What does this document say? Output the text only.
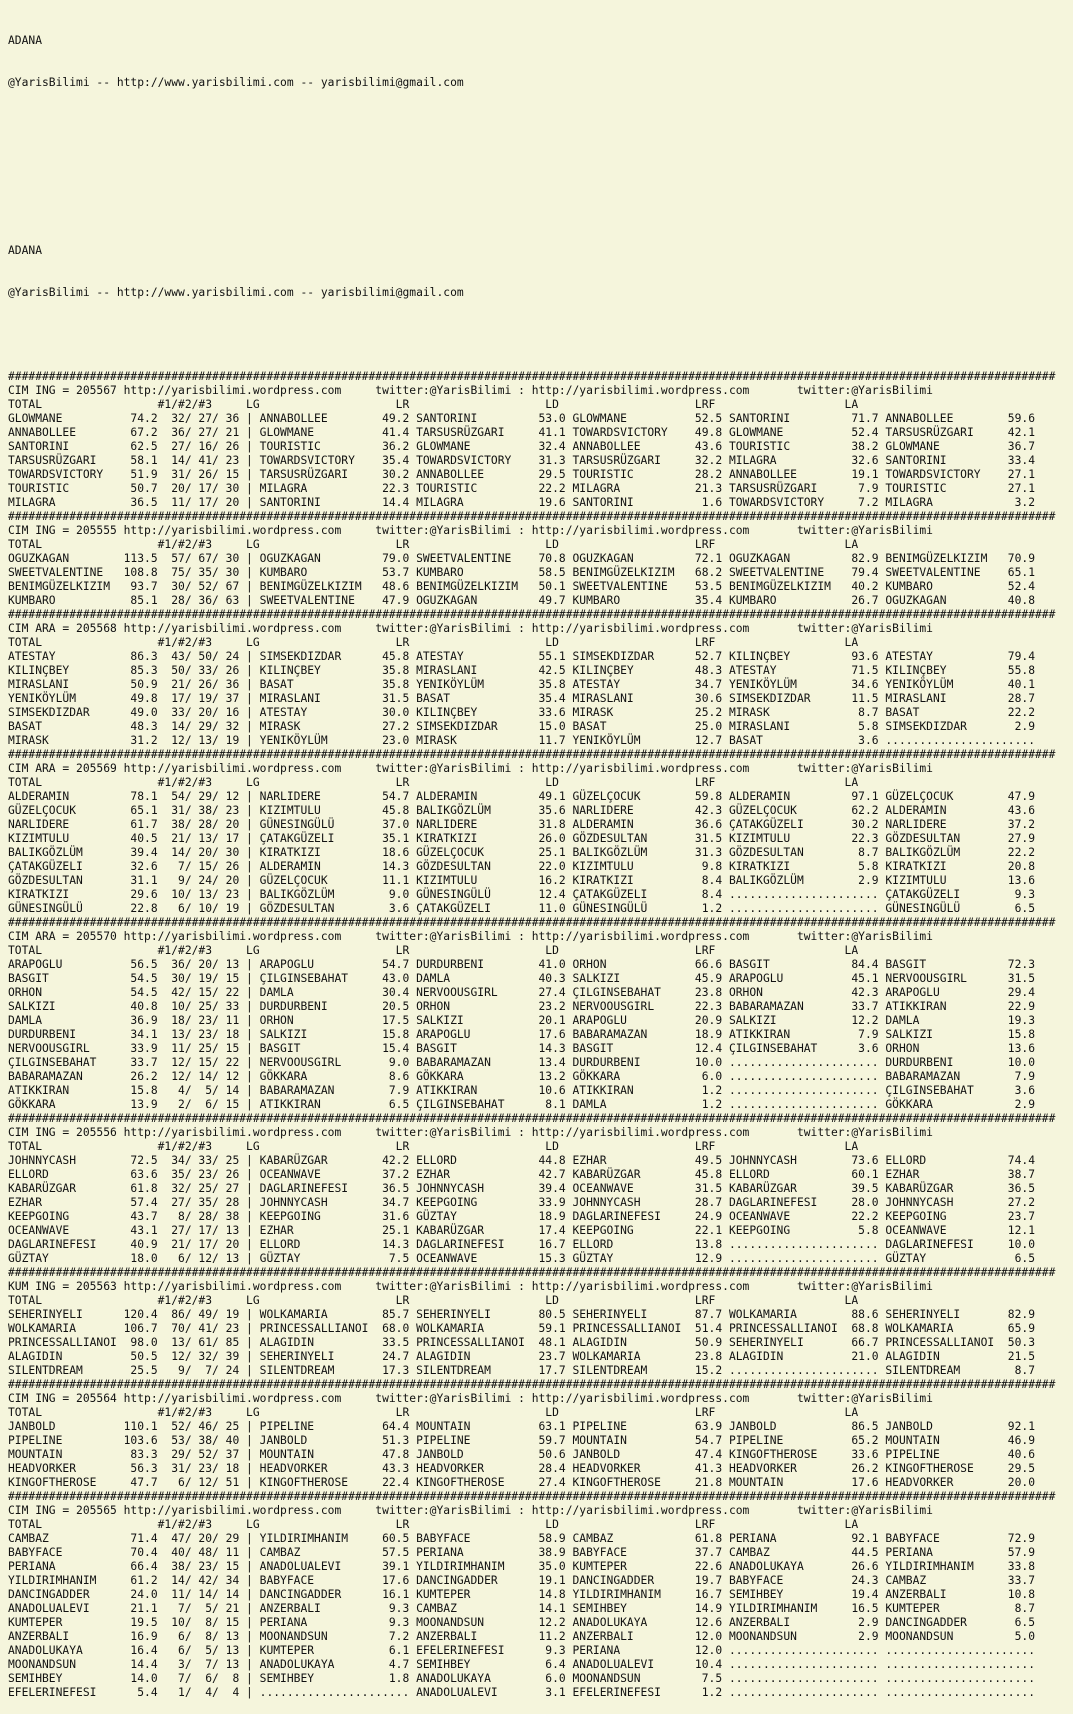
ADANA

@YarisBilimi -- http://www.yarisbilimi.com -- yarisbilimi@gmail.com

ADANA

@YarisBilimi -- http://www.yarisbilimi.com -- yarisbilimi@gmail.com

##########################################################################################################################################################
CIM ING = 205567 http://yarisbilimi.wordpress.com     twitter:@YarisBilimi : http://yarisbilimi.wordpress.com       twitter:@YarisBilimi
TOTAL                 #1/#2/#3     LG                    LR                    LD                    LRF                   LA
GLOWMANE          74.2  32/ 27/ 36 | ANNABOLLEE        49.2 SANTORINI         53.0 GLOWMANE          52.5 SANTORINI         71.7 ANNABOLLEE        59.6
ANNABOLLEE        67.2  36/ 27/ 21 | GLOWMANE          41.4 TARSUSRÜZGARI     41.1 TOWARDSVICTORY    49.8 GLOWMANE          52.4 TARSUSRÜZGARI     42.1
SANTORINI         62.5  27/ 16/ 26 | TOURISTIC         36.2 GLOWMANE          32.4 ANNABOLLEE        43.6 TOURISTIC         38.2 GLOWMANE          36.7
TARSUSRÜZGARI     58.1  14/ 41/ 23 | TOWARDSVICTORY    35.4 TOWARDSVICTORY    31.3 TARSUSRÜZGARI     32.2 MILAGRA           32.6 SANTORINI         33.4
TOWARDSVICTORY    51.9  31/ 26/ 15 | TARSUSRÜZGARI     30.2 ANNABOLLEE        29.5 TOURISTIC         28.2 ANNABOLLEE        19.1 TOWARDSVICTORY    27.1
TOURISTIC         50.7  20/ 17/ 30 | MILAGRA           22.3 TOURISTIC         22.2 MILAGRA           21.3 TARSUSRÜZGARI      7.9 TOURISTIC         27.1
MILAGRA           36.5  11/ 17/ 20 | SANTORINI         14.4 MILAGRA           19.6 SANTORINI          1.6 TOWARDSVICTORY     7.2 MILAGRA            3.2
##########################################################################################################################################################
CIM ING = 205555 http://yarisbilimi.wordpress.com     twitter:@YarisBilimi : http://yarisbilimi.wordpress.com       twitter:@YarisBilimi
TOTAL                 #1/#2/#3     LG                    LR                    LD                    LRF                   LA
OGUZKAGAN        113.5  57/ 67/ 30 | OGUZKAGAN         79.0 SWEETVALENTINE    70.8 OGUZKAGAN         72.1 OGUZKAGAN         82.9 BENIMGÜZELKIZIM   70.9
SWEETVALENTINE   108.8  75/ 35/ 30 | KUMBARO           53.7 KUMBARO           58.5 BENIMGÜZELKIZIM   68.2 SWEETVALENTINE    79.4 SWEETVALENTINE    65.1
BENIMGÜZELKIZIM   93.7  30/ 52/ 67 | BENIMGÜZELKIZIM   48.6 BENIMGÜZELKIZIM   50.1 SWEETVALENTINE    53.5 BENIMGÜZELKIZIM   40.2 KUMBARO           52.4
KUMBARO           85.1  28/ 36/ 63 | SWEETVALENTINE    47.9 OGUZKAGAN         49.7 KUMBARO           35.4 KUMBARO           26.7 OGUZKAGAN         40.8
##########################################################################################################################################################
CIM ARA = 205568 http://yarisbilimi.wordpress.com     twitter:@YarisBilimi : http://yarisbilimi.wordpress.com       twitter:@YarisBilimi
TOTAL                 #1/#2/#3     LG                    LR                    LD                    LRF                   LA
ATESTAY           86.3  43/ 50/ 24 | SIMSEKDIZDAR      45.8 ATESTAY           55.1 SIMSEKDIZDAR      52.7 KILINÇBEY         93.6 ATESTAY           79.4
KILINÇBEY         85.3  50/ 33/ 26 | KILINÇBEY         35.8 MIRASLANI         42.5 KILINÇBEY         48.3 ATESTAY           71.5 KILINÇBEY         55.8
MIRASLANI         50.9  21/ 26/ 36 | BASAT             35.8 YENIKÖYLÜM        35.8 ATESTAY           34.7 YENIKÖYLÜM        34.6 YENIKÖYLÜM        40.1
YENIKÖYLÜM        49.8  17/ 19/ 37 | MIRASLANI         31.5 BASAT             35.4 MIRASLANI         30.6 SIMSEKDIZDAR      11.5 MIRASLANI         28.7
SIMSEKDIZDAR      49.0  33/ 20/ 16 | ATESTAY           30.0 KILINÇBEY         33.6 MIRASK            25.2 MIRASK             8.7 BASAT             22.2
BASAT             48.3  14/ 29/ 32 | MIRASK            27.2 SIMSEKDIZDAR      15.0 BASAT             25.0 MIRASLANI          5.8 SIMSEKDIZDAR       2.9
MIRASK            31.2  12/ 13/ 19 | YENIKÖYLÜM        23.0 MIRASK            11.7 YENIKÖYLÜM        12.7 BASAT              3.6 ......................
##########################################################################################################################################################
CIM ARA = 205569 http://yarisbilimi.wordpress.com     twitter:@YarisBilimi : http://yarisbilimi.wordpress.com       twitter:@YarisBilimi
TOTAL                 #1/#2/#3     LG                    LR                    LD                    LRF                   LA
ALDERAMIN         78.1  54/ 29/ 12 | NARLIDERE         54.7 ALDERAMIN         49.1 GÜZELÇOCUK        59.8 ALDERAMIN         97.1 GÜZELÇOCUK        47.9
GÜZELÇOCUK        65.1  31/ 38/ 23 | KIZIMTULU         45.8 BALIKGÖZLÜM       35.6 NARLIDERE         42.3 GÜZELÇOCUK        62.2 ALDERAMIN         43.6
NARLIDERE         61.7  38/ 28/ 20 | GÜNESINGÜLÜ       37.0 NARLIDERE         31.8 ALDERAMIN         36.6 ÇATAKGÜZELI       30.2 NARLIDERE         37.2
KIZIMTULU         40.5  21/ 13/ 17 | ÇATAKGÜZELI       35.1 KIRATKIZI         26.0 GÖZDESULTAN       31.5 KIZIMTULU         22.3 GÖZDESULTAN       27.9
BALIKGÖZLÜM       39.4  14/ 20/ 30 | KIRATKIZI         18.6 GÜZELÇOCUK        25.1 BALIKGÖZLÜM       31.3 GÖZDESULTAN        8.7 BALIKGÖZLÜM       22.2
ÇATAKGÜZELI       32.6   7/ 15/ 26 | ALDERAMIN         14.3 GÖZDESULTAN       22.0 KIZIMTULU          9.8 KIRATKIZI          5.8 KIRATKIZI         20.8
GÖZDESULTAN       31.1   9/ 24/ 20 | GÜZELÇOCUK        11.1 KIZIMTULU         16.2 KIRATKIZI          8.4 BALIKGÖZLÜM        2.9 KIZIMTULU         13.6
KIRATKIZI         29.6  10/ 13/ 23 | BALIKGÖZLÜM        9.0 GÜNESINGÜLÜ       12.4 ÇATAKGÜZELI        8.4 ...................... ÇATAKGÜZELI        9.3
GÜNESINGÜLÜ       22.8   6/ 10/ 19 | GÖZDESULTAN        3.6 ÇATAKGÜZELI       11.0 GÜNESINGÜLÜ        1.2 ...................... GÜNESINGÜLÜ        6.5
##########################################################################################################################################################
CIM ARA = 205570 http://yarisbilimi.wordpress.com     twitter:@YarisBilimi : http://yarisbilimi.wordpress.com       twitter:@YarisBilimi
TOTAL                 #1/#2/#3     LG                    LR                    LD                    LRF                   LA
ARAPOGLU          56.5  36/ 20/ 13 | ARAPOGLU          54.7 DURDURBENI        41.0 ORHON             66.6 BASGIT            84.4 BASGIT            72.3
BASGIT            54.5  30/ 19/ 15 | ÇILGINSEBAHAT     43.0 DAMLA             40.3 SALKIZI           45.9 ARAPOGLU          45.1 NERVOOUSGIRL      31.5
ORHON             54.5  42/ 15/ 22 | DAMLA             30.4 NERVOOUSGIRL      27.4 ÇILGINSEBAHAT     23.8 ORHON             42.3 ARAPOGLU          29.4
SALKIZI           40.8  10/ 25/ 33 | DURDURBENI        20.5 ORHON             23.2 NERVOOUSGIRL      22.3 BABARAMAZAN       33.7 ATIKKIRAN         22.9
DAMLA             36.9  18/ 23/ 11 | ORHON             17.5 SALKIZI           20.1 ARAPOGLU          20.9 SALKIZI           12.2 DAMLA             19.3
DURDURBENI        34.1  13/ 23/ 18 | SALKIZI           15.8 ARAPOGLU          17.6 BABARAMAZAN       18.9 ATIKKIRAN          7.9 SALKIZI           15.8
NERVOOUSGIRL      33.9  11/ 25/ 15 | BASGIT            15.4 BASGIT            14.3 BASGIT            12.4 ÇILGINSEBAHAT      3.6 ORHON             13.6
ÇILGINSEBAHAT     33.7  12/ 15/ 22 | NERVOOUSGIRL       9.0 BABARAMAZAN       13.4 DURDURBENI        10.0 ...................... DURDURBENI        10.0
BABARAMAZAN       26.2  12/ 14/ 12 | GÖKKARA            8.6 GÖKKARA           13.2 GÖKKARA            6.0 ...................... BABARAMAZAN        7.9
ATIKKIRAN         15.8   4/  5/ 14 | BABARAMAZAN        7.9 ATIKKIRAN         10.6 ATIKKIRAN          1.2 ...................... ÇILGINSEBAHAT      3.6
GÖKKARA           13.9   2/  6/ 15 | ATIKKIRAN          6.5 ÇILGINSEBAHAT      8.1 DAMLA              1.2 ...................... GÖKKARA            2.9
##########################################################################################################################################################
CIM ING = 205556 http://yarisbilimi.wordpress.com     twitter:@YarisBilimi : http://yarisbilimi.wordpress.com       twitter:@YarisBilimi
TOTAL                 #1/#2/#3     LG                    LR                    LD                    LRF                   LA
JOHNNYCASH        72.5  34/ 33/ 25 | KABARÜZGAR        42.2 ELLORD            44.8 EZHAR             49.5 JOHNNYCASH        73.6 ELLORD            74.4
ELLORD            63.6  35/ 23/ 26 | OCEANWAVE         37.2 EZHAR             42.7 KABARÜZGAR        45.8 ELLORD            60.1 EZHAR             38.7
KABARÜZGAR        61.8  32/ 25/ 27 | DAGLARINEFESI     36.5 JOHNNYCASH        39.4 OCEANWAVE         31.5 KABARÜZGAR        39.5 KABARÜZGAR        36.5
EZHAR             57.4  27/ 35/ 28 | JOHNNYCASH        34.7 KEEPGOING         33.9 JOHNNYCASH        28.7 DAGLARINEFESI     28.0 JOHNNYCASH        27.2
KEEPGOING         43.7   8/ 28/ 38 | KEEPGOING         31.6 GÜZTAY            18.9 DAGLARINEFESI     24.9 OCEANWAVE         22.2 KEEPGOING         23.7
OCEANWAVE         43.1  27/ 17/ 13 | EZHAR             25.1 KABARÜZGAR        17.4 KEEPGOING         22.1 KEEPGOING          5.8 OCEANWAVE         12.1
DAGLARINEFESI     40.9  21/ 17/ 20 | ELLORD            14.3 DAGLARINEFESI     16.7 ELLORD            13.8 ...................... DAGLARINEFESI     10.0
GÜZTAY            18.0   6/ 12/ 13 | GÜZTAY             7.5 OCEANWAVE         15.3 GÜZTAY            12.9 ...................... GÜZTAY             6.5
##########################################################################################################################################################
KUM ING = 205563 http://yarisbilimi.wordpress.com     twitter:@YarisBilimi : http://yarisbilimi.wordpress.com       twitter:@YarisBilimi
TOTAL                 #1/#2/#3     LG                    LR                    LD                    LRF                   LA
SEHERINYELI      120.4  86/ 49/ 19 | WOLKAMARIA        85.7 SEHERINYELI       80.5 SEHERINYELI       87.7 WOLKAMARIA        88.6 SEHERINYELI       82.9
WOLKAMARIA       106.7  70/ 41/ 23 | PRINCESSALLIANOI  68.0 WOLKAMARIA        59.1 PRINCESSALLIANOI  51.4 PRINCESSALLIANOI  68.8 WOLKAMARIA        65.9
PRINCESSALLIANOI  98.0  13/ 61/ 85 | ALAGIDIN          33.5 PRINCESSALLIANOI  48.1 ALAGIDIN          50.9 SEHERINYELI       66.7 PRINCESSALLIANOI  50.3
ALAGIDIN          50.5  12/ 32/ 39 | SEHERINYELI       24.7 ALAGIDIN          23.7 WOLKAMARIA        23.8 ALAGIDIN          21.0 ALAGIDIN          21.5
SILENTDREAM       25.5   9/  7/ 24 | SILENTDREAM       17.3 SILENTDREAM       17.7 SILENTDREAM       15.2 ...................... SILENTDREAM        8.7
##########################################################################################################################################################
CIM ING = 205564 http://yarisbilimi.wordpress.com     twitter:@YarisBilimi : http://yarisbilimi.wordpress.com       twitter:@YarisBilimi
TOTAL                 #1/#2/#3     LG                    LR                    LD                    LRF                   LA
JANBOLD          110.1  52/ 46/ 25 | PIPELINE          64.4 MOUNTAIN          63.1 PIPELINE          63.9 JANBOLD           86.5 JANBOLD           92.1
PIPELINE         103.6  53/ 38/ 40 | JANBOLD           51.3 PIPELINE          59.7 MOUNTAIN          54.7 PIPELINE          65.2 MOUNTAIN          46.9
MOUNTAIN          83.3  29/ 52/ 37 | MOUNTAIN          47.8 JANBOLD           50.6 JANBOLD           47.4 KINGOFTHEROSE     33.6 PIPELINE          40.6
HEADVORKER        56.3  31/ 23/ 18 | HEADVORKER        43.3 HEADVORKER        28.4 HEADVORKER        41.3 HEADVORKER        26.2 KINGOFTHEROSE     29.5
KINGOFTHEROSE     47.7   6/ 12/ 51 | KINGOFTHEROSE     22.4 KINGOFTHEROSE     27.4 KINGOFTHEROSE     21.8 MOUNTAIN          17.6 HEADVORKER        20.0
##########################################################################################################################################################
CIM ING = 205565 http://yarisbilimi.wordpress.com     twitter:@YarisBilimi : http://yarisbilimi.wordpress.com       twitter:@YarisBilimi
TOTAL                 #1/#2/#3     LG                    LR                    LD                    LRF                   LA
CAMBAZ            71.4  47/ 20/ 29 | YILDIRIMHANIM     60.5 BABYFACE          58.9 CAMBAZ            61.8 PERIANA           92.1 BABYFACE          72.9
BABYFACE          70.4  40/ 48/ 11 | CAMBAZ            57.5 PERIANA           38.9 BABYFACE          37.7 CAMBAZ            44.5 PERIANA           57.9
PERIANA           66.4  38/ 23/ 15 | ANADOLUALEVI      39.1 YILDIRIMHANIM     35.0 KUMTEPER          22.6 ANADOLUKAYA       26.6 YILDIRIMHANIM     33.8
YILDIRIMHANIM     61.2  14/ 42/ 34 | BABYFACE          17.6 DANCINGADDER      19.1 DANCINGADDER      19.7 BABYFACE          24.3 CAMBAZ            33.7
DANCINGADDER      24.0  11/ 14/ 14 | DANCINGADDER      16.1 KUMTEPER          14.8 YILDIRIMHANIM     16.7 SEMIHBEY          19.4 ANZERBALI         10.8
ANADOLUALEVI      21.1   7/  5/ 21 | ANZERBALI          9.3 CAMBAZ            14.1 SEMIHBEY          14.9 YILDIRIMHANIM     16.5 KUMTEPER           8.7
KUMTEPER          19.5  10/  8/ 15 | PERIANA            9.3 MOONANDSUN        12.2 ANADOLUKAYA       12.6 ANZERBALI          2.9 DANCINGADDER       6.5
ANZERBALI         16.9   6/  8/ 13 | MOONANDSUN         7.2 ANZERBALI         11.2 ANZERBALI         12.0 MOONANDSUN         2.9 MOONANDSUN         5.0
ANADOLUKAYA       16.4   6/  5/ 13 | KUMTEPER           6.1 EFELERINEFESI      9.3 PERIANA           12.0 ...................... ......................
MOONANDSUN        14.4   3/  7/ 13 | ANADOLUKAYA        4.7 SEMIHBEY           6.4 ANADOLUALEVI      10.4 ...................... ......................
SEMIHBEY          14.0   7/  6/  8 | SEMIHBEY           1.8 ANADOLUKAYA        6.0 MOONANDSUN         7.5 ...................... ......................
EFELERINEFESI      5.4   1/  4/  4 | ...................... ANADOLUALEVI       3.1 EFELERINEFESI      1.2 ...................... ......................
